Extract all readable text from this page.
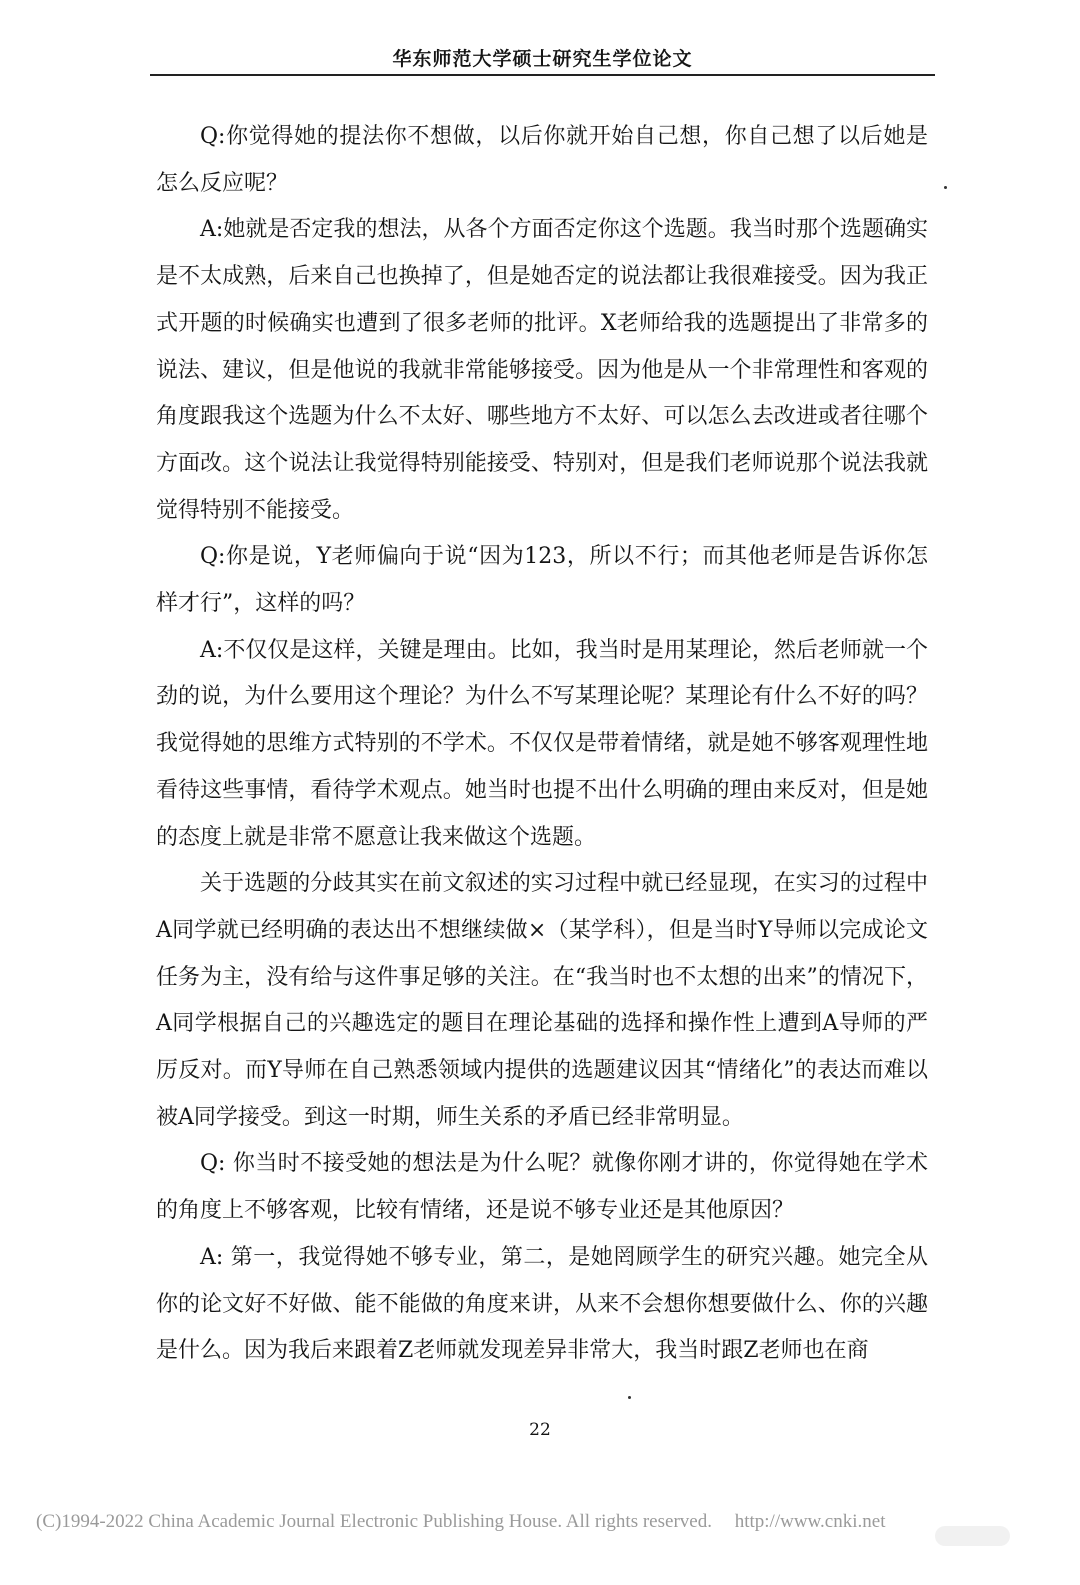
华东师范大学硕士研究生学位论文

Q:你觉得她的提法你不想做，以后你就开始自己想，你自己想了以后她是怎么反应呢？

A:她就是否定我的想法，从各个方面否定你这个选题。我当时那个选题确实是不太成熟，后来自己也换掉了，但是她否定的说法都让我很难接受。因为我正式开题的时候确实也遭到了很多老师的批评。X老师给我的选题提出了非常多的说法、建议，但是他说的我就非常能够接受。因为他是从一个非常理性和客观的角度跟我这个选题为什么不太好、哪些地方不太好、可以怎么去改进或者往哪个方面改。这个说法让我觉得特别能接受、特别对，但是我们老师说那个说法我就觉得特别不能接受。

Q:你是说，Y老师偏向于说“因为123，所以不行；而其他老师是告诉你怎样才行”，这样的吗？

A:不仅仅是这样，关键是理由。比如，我当时是用某理论，然后老师就一个劲的说，为什么要用这个理论？为什么不写某理论呢？某理论有什么不好的吗？我觉得她的思维方式特别的不学术。不仅仅是带着情绪，就是她不够客观理性地看待这些事情，看待学术观点。她当时也提不出什么明确的理由来反对，但是她的态度上就是非常不愿意让我来做这个选题。

关于选题的分歧其实在前文叙述的实习过程中就已经显现，在实习的过程中A同学就已经明确的表达出不想继续做×（某学科），但是当时Y导师以完成论文任务为主，没有给与这件事足够的关注。在“我当时也不太想的出来”的情况下，A同学根据自己的兴趣选定的题目在理论基础的选择和操作性上遭到A导师的严厉反对。而Y导师在自己熟悉领域内提供的选题建议因其“情绪化”的表达而难以被A同学接受。到这一时期，师生关系的矛盾已经非常明显。

Q: 你当时不接受她的想法是为什么呢？就像你刚才讲的，你觉得她在学术的角度上不够客观，比较有情绪，还是说不够专业还是其他原因？

A: 第一，我觉得她不够专业，第二，是她罔顾学生的研究兴趣。她完全从你的论文好不好做、能不能做的角度来讲，从来不会想你想要做什么、你的兴趣是什么。因为我后来跟着Z老师就发现差异非常大，我当时跟Z老师也在商

22
(C)1994-2022 China Academic Journal Electronic Publishing House. All rights reserved. http://www.cnki.net
